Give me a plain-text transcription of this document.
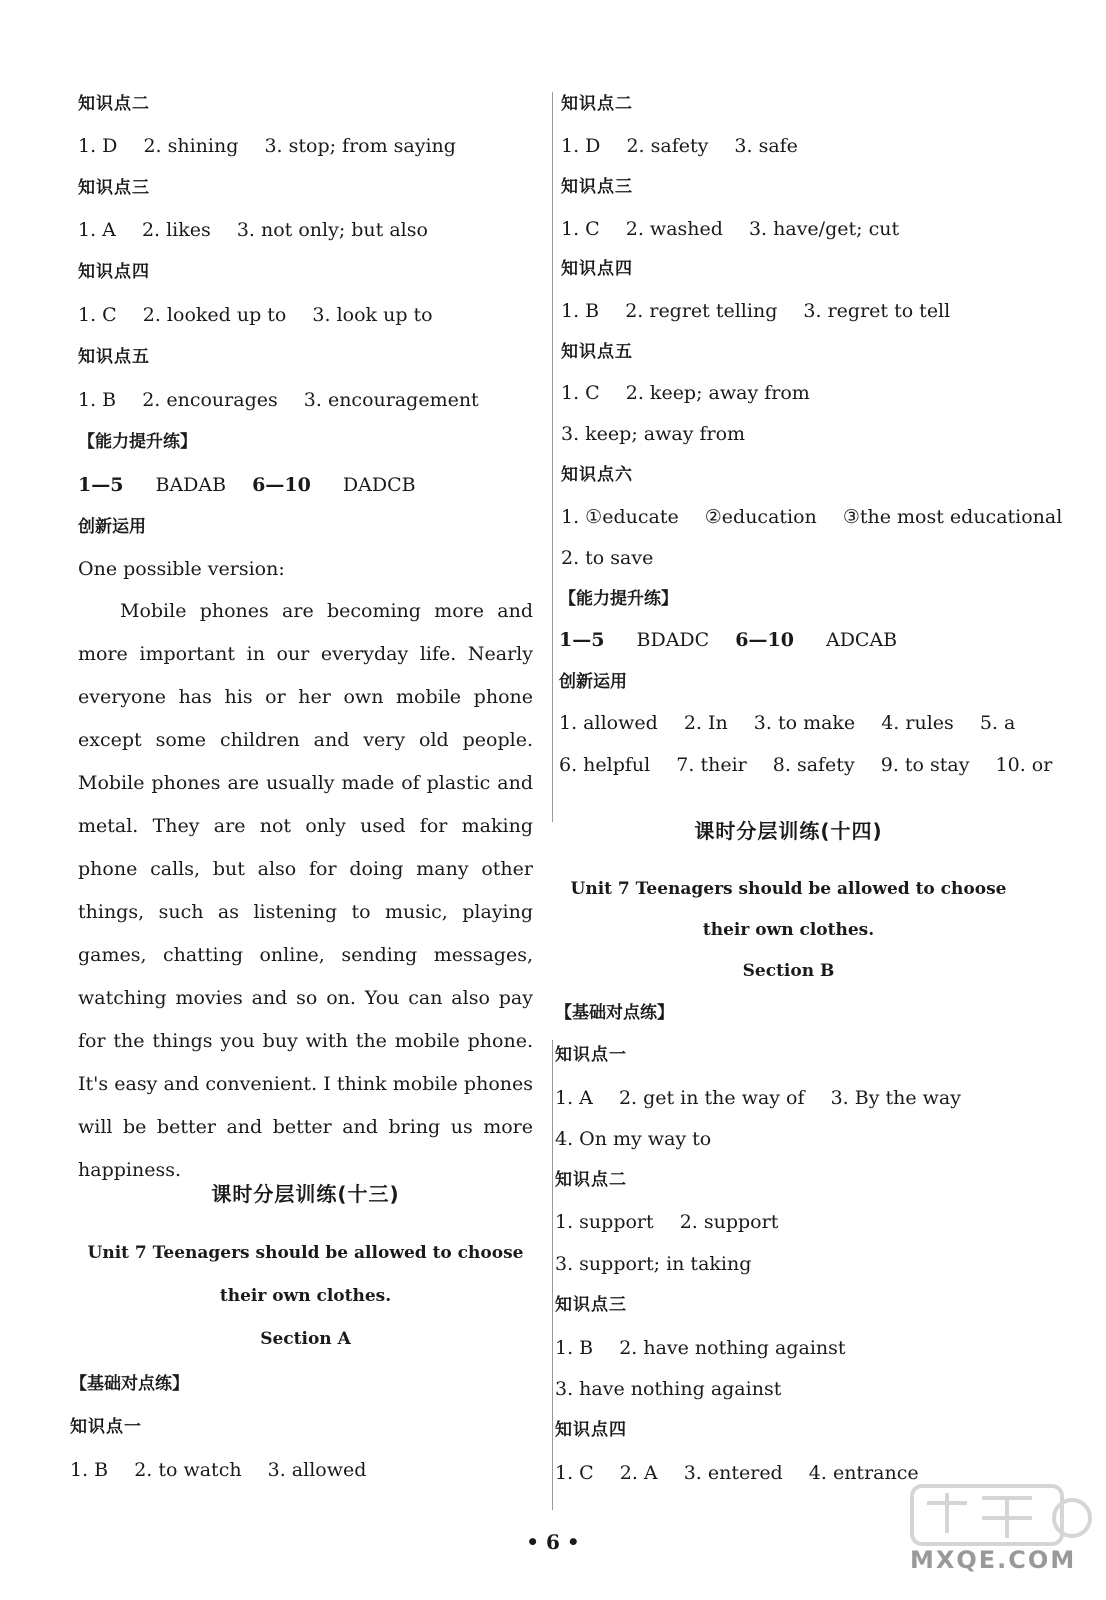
知识点二
1. D 2. shining 3. stop; from saying
知识点三
1. A 2. likes 3. not only; but also
知识点四
1. C 2. looked up to 3. look up to
知识点五
1. B 2. encourages 3. encouragement
【能力提升练】
1—5 BADAB 6—10 DADCB
创新运用
One possible version:
Mobile phones are becoming more and more important in our everyday life. Nearly everyone has his or her own mobile phone except some children and very old people. Mobile phones are usually made of plastic and metal. They are not only used for making phone calls, but also for doing many other things, such as listening to music, playing games, chatting online, sending messages, watching movies and so on. You can also pay for the things you buy with the mobile phone. It's easy and convenient. I think mobile phones will be better and better and bring us more happiness.
课时分层训练(十三)
Unit 7 Teenagers should be allowed to choose
their own clothes.
Section A
【基础对点练】
知识点一
1. B 2. to watch 3. allowed
知识点二
1. D 2. safety 3. safe
知识点三
1. C 2. washed 3. have/get; cut
知识点四
1. B 2. regret telling 3. regret to tell
知识点五
1. C 2. keep; away from
3. keep; away from
知识点六
1. ①educate ②education ③the most educational
2. to save
【能力提升练】
1—5 BDADC 6—10 ADCAB
创新运用
1. allowed 2. In 3. to make 4. rules 5. a
6. helpful 7. their 8. safety 9. to stay 10. or
课时分层训练(十四)
Unit 7 Teenagers should be allowed to choose
their own clothes.
Section B
【基础对点练】
知识点一
1. A 2. get in the way of 3. By the way
4. On my way to
知识点二
1. support 2. support
3. support; in taking
知识点三
1. B 2. have nothing against
3. have nothing against
知识点四
1. C 2. A 3. entered 4. entrance
• 6 •
MXQE.COM
